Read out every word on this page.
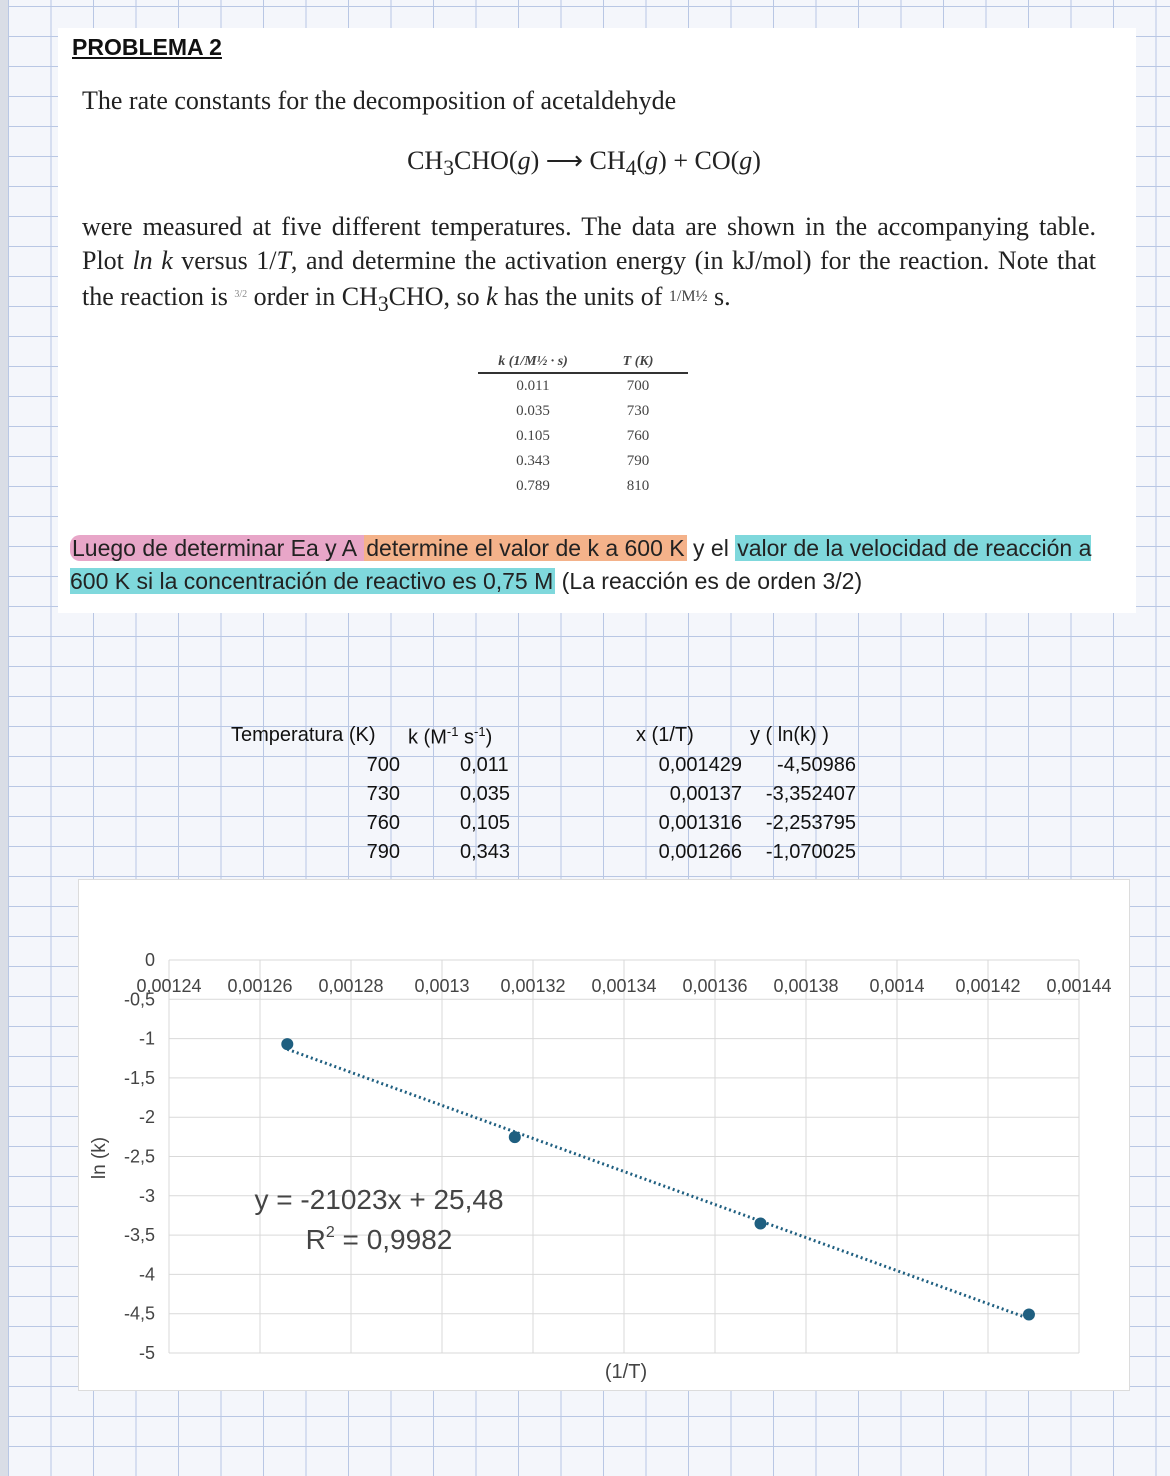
PROBLEMA 2
The rate constants for the decomposition of acetaldehyde
$CH_3CHO(g)$ ⟶ $CH_4(g) + CO(g)$
were measured at five different temperatures. The data are shown in the accompanying table. Plot ln k versus 1/T, and determine the activation energy (in kJ/mol) for the reaction. Note that the reaction is $^{3/2}$ order in $CH_3CHO$, so k has the units of 1/M½ s.
k (1/M½ · s)	T (K)
0.011	700
0.035	730
0.105	760
0.343	790
0.789	810
Luego de determinar Ea y A determine el valor de k a 600 K y el valor de la velocidad de reacción a 600 K si la concentración de reactivo es 0,75 M (La reacción es de orden 3/2)
Temperatura (K) k ($M^{-1}$ $s^{-1}$)	x (1/T)	y ( ln(k) )
700	0,011	0,001429 -4,50986
730	0,035	0,00137 -3,352407
760	0,105	0,001316 -2,253795
790	0,343	0,001266 -1,070025
0,00124 0,00126 0,00128 0,0013 0,00132 0,00134 0,00136 0,00138 0,0014 0,00142 0,00144
0
-0,5
-1
-1,5
-2
-2,5
-3
-3,5
-4
-4,5
-5
y = -21023x + 25,48
$R^2 = 0,9982$
(1/T)
ln (k)
